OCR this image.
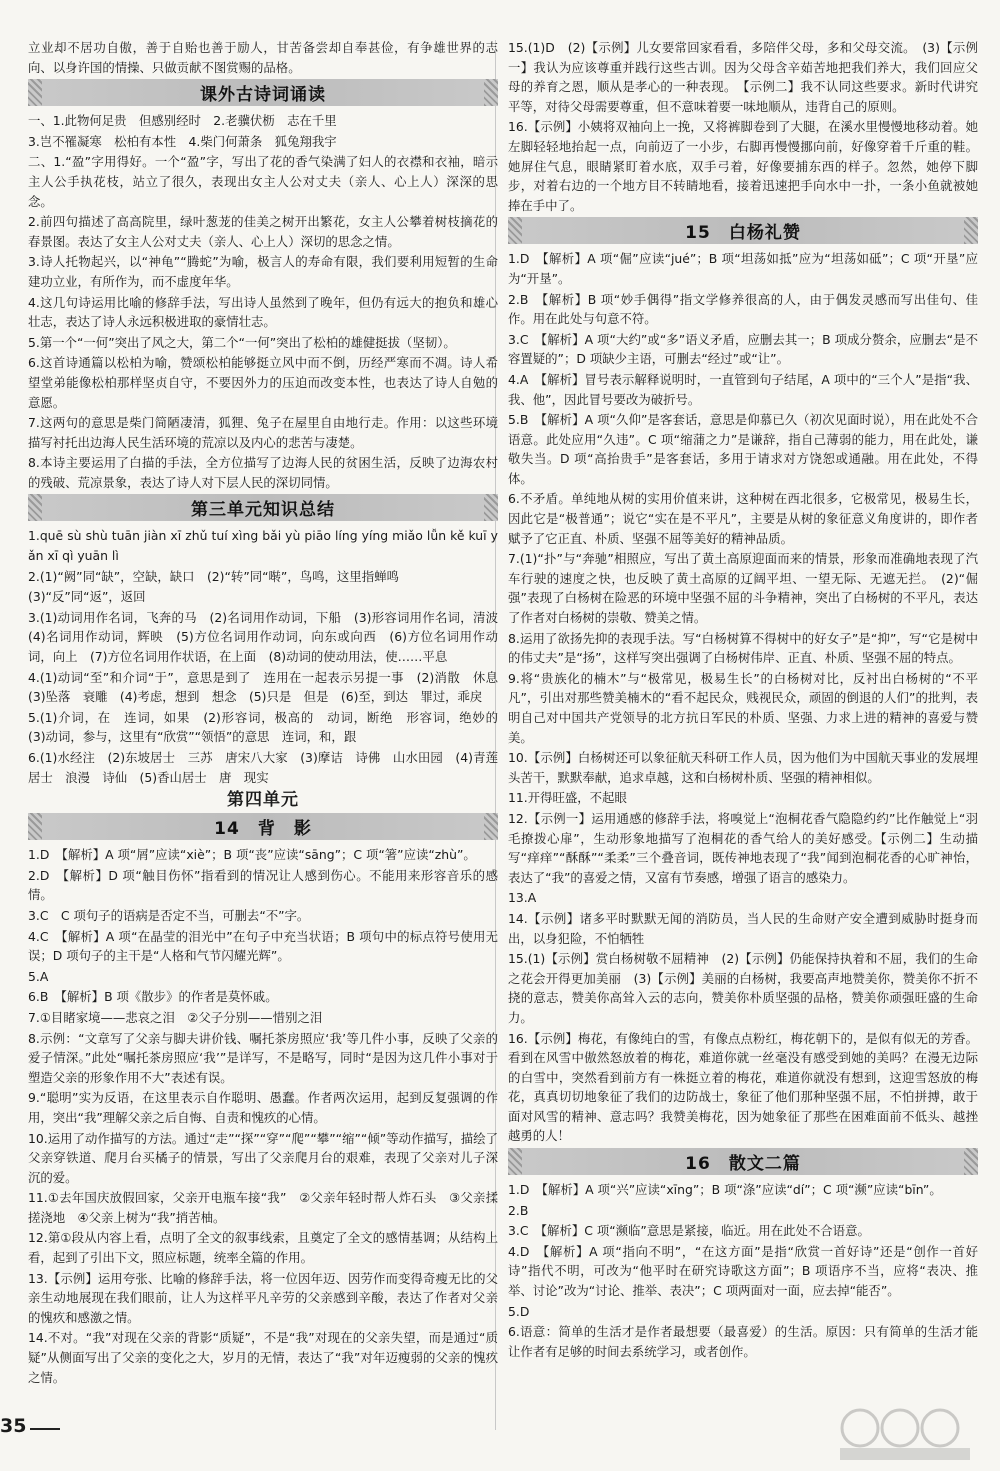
立业却不居功自傲，善于自贻也善于励人，甘苦备尝却自奉甚俭，有争雄世界的志向、以身许国的情操、只做贡献不图赏赐的品格。
课外古诗词诵读
一、1.此物何足贵　但感别经时　2.老骥伏枥　志在千里
3.岂不罹凝寒　松柏有本性　4.柴门何萧条　狐兔翔我宇
二、1.“盈”字用得好。一个“盈”字，写出了花的香气染满了妇人的衣襟和衣袖，暗示主人公手执花枝，站立了很久，表现出女主人公对丈夫（亲人、心上人）深深的思念。
2.前四句描述了高高院里，绿叶葱茏的佳美之树开出繁花，女主人公攀着树枝摘花的春景图。表达了女主人公对丈夫（亲人、心上人）深切的思念之情。
3.诗人托物起兴，以“神龟”“腾蛇”为喻，极言人的寿命有限，我们要利用短暂的生命建功立业，有所作为，而不虚度年华。
4.这几句诗运用比喻的修辞手法，写出诗人虽然到了晚年，但仍有远大的抱负和雄心壮志，表达了诗人永远积极进取的豪情壮志。
5.第一个“一何”突出了风之大，第二个“一何”突出了松柏的雄健挺拔（坚韧）。
6.这首诗通篇以松柏为喻，赞颂松柏能够挺立风中而不倒，历经严寒而不凋。诗人希望堂弟能像松柏那样坚贞自守，不要因外力的压迫而改变本性，也表达了诗人自勉的意愿。
7.这两句的意思是柴门简陋凄清，狐狸、兔子在屋里自由地行走。作用：以这些环境描写衬托出边海人民生活环境的荒凉以及内心的悲苦与凄楚。
8.本诗主要运用了白描的手法，全方位描写了边海人民的贫困生活，反映了边海农村的残破、荒凉景象，表达了诗人对下层人民的深切同情。
第三单元知识总结
1.quē sù shù tuān jiàn xī zhǔ tuí xìng bǎi yù piāo líng yíng miǎo lǚn kě kuī yǎn xī qì yuān lì
2.(1)“阙”同“缺”，空缺，缺口　(2)“转”同“啭”，鸟鸣，这里指蝉鸣
(3)“反”同“返”，返回
3.(1)动词用作名词，飞奔的马　(2)名词用作动词，下船　(3)形容词用作名词，清波　(4)名词用作动词，辉映　(5)方位名词用作动词，向东或向西　(6)方位名词用作动词，向上　(7)方位名词用作状语，在上面　(8)动词的使动用法，使……平息
4.(1)动词“至”和介词“于”，意思是到了　连用在一起表示另提一事　(2)消散　休息　(3)坠落　衰雕　(4)考虑，想到　想念　(5)只是　但是　(6)至，到达　罪过，乖戾
5.(1)介词，在　连词，如果　(2)形容词，极高的　动词，断绝　形容词，绝妙的　(3)动词，参与，这里有“欣赏”“领悟”的意思　连词，和，跟
6.(1)水经注　(2)东坡居士　三苏　唐宋八大家　(3)摩诘　诗佛　山水田园　(4)青莲居士　浪漫　诗仙　(5)香山居士　唐　现实
第四单元
14　背　影
1.D　【解析】A 项“屑”应读“xiè”；B 项“丧”应读“sāng”；C 项“箸”应读“zhù”。
2.D　【解析】D 项“触目伤怀”指看到的情况让人感到伤心。不能用来形容音乐的感情。
3.C　C 项句子的语病是否定不当，可删去“不”字。
4.C　【解析】A 项“在晶莹的泪光中”在句子中充当状语；B 项句中的标点符号使用无误；D 项句子的主干是“人格和气节闪耀光辉”。
5.A
6.B　【解析】B 项《散步》的作者是莫怀戚。
7.①目睹家境——悲哀之泪　②父子分别——惜别之泪
8.示例：“文章写了父亲与脚夫讲价钱、嘱托茶房照应‘我’等几件小事，反映了父亲的爱子情深。”此处“嘱托茶房照应‘我’”是详写，不是略写，同时“是因为这几件小事对于塑造父亲的形象作用不大”表述有误。
9.“聪明”实为反语，在这里表示自作聪明、愚蠢。作者两次运用，起到反复强调的作用，突出“我”理解父亲之后自悔、自责和愧疚的心情。
10.运用了动作描写的方法。通过“走”“探”“穿”“爬”“攀”“缩”“倾”等动作描写，描绘了父亲穿铁道、爬月台买橘子的情景，写出了父亲爬月台的艰难，表现了父亲对儿子深沉的爱。
11.①去年国庆放假回家，父亲开电瓶车接“我”　②父亲年轻时帮人炸石头　③父亲揉搓浇地　④父亲上树为“我”捎苦柚。
12.第①段从内容上看，点明了全文的叙事线索，且奠定了全文的感情基调；从结构上看，起到了引出下文，照应标题，统率全篇的作用。
13.【示例】运用夸张、比喻的修辞手法，将一位因年迈、因劳作而变得奇瘦无比的父亲生动地展现在我们眼前，让人为这样平凡辛劳的父亲感到辛酸，表达了作者对父亲的愧疚和感激之情。
14.不对。“我”对现在父亲的背影“质疑”，不是“我”对现在的父亲失望，而是通过“质疑”从侧面写出了父亲的变化之大，岁月的无情，表达了“我”对年迈瘦弱的父亲的愧疚之情。
15.(1)D　(2)【示例】儿女要常回家看看，多陪伴父母，多和父母交流。　(3)【示例一】我认为应该尊重并践行这些古训。因为父母含辛茹苦地把我们养大，我们回应父母的养育之恩，顺从是孝心的一种表现。　【示例二】我不认同这些要求。新时代讲究平等，对待父母需要尊重，但不意味着要一味地顺从，违背自己的原则。
16.【示例】小姨将双袖向上一挽，又将裤脚卷到了大腿，在溪水里慢慢地移动着。她左脚轻轻地抬起一点，向前迈了一小步，右脚再慢慢挪向前，好像穿着千斤重的鞋。她屏住气息，眼睛紧盯着水底，双手弓着，好像要捕东西的样子。忽然，她停下脚步，对着右边的一个地方目不转睛地看，接着迅速把手向水中一扑，一条小鱼就被她捧在手中了。
15　白杨礼赞
1.D　【解析】A 项“倔”应读“jué”；B 项“坦荡如抵”应为“坦荡如砥”；C 项“开垦”应为“开垦”。
2.B　【解析】B 项“妙手偶得”指文学修养很高的人，由于偶发灵感而写出佳句、佳作。用在此处与句意不符。
3.C　【解析】A 项“大约”或“多”语义矛盾，应删去其一；B 项成分赘余，应删去“是不容置疑的”；D 项缺少主语，可删去“经过”或“让”。
4.A　【解析】冒号表示解释说明时，一直管到句子结尾，A 项中的“三个人”是指“我、我、他”，因此冒号要改为破折号。
5.B　【解析】A 项“久仰”是客套话，意思是仰慕已久（初次见面时说），用在此处不合语意。此处应用“久违”。C 项“缩蒲之力”是谦辞，指自己薄弱的能力，用在此处，谦敬失当。D 项“高抬贵手”是客套话，多用于请求对方饶恕或通融。用在此处，不得体。
6.不矛盾。单纯地从树的实用价值来讲，这种树在西北很多，它极常见，极易生长，因此它是“极普通”；说它“实在是不平凡”，主要是从树的象征意义角度讲的，即作者赋予了它正直、朴质、坚强不屈等美好的精神品质。
7.(1)“扑”与“奔驰”相照应，写出了黄土高原迎面而来的情景，形象而准确地表现了汽车行驶的速度之快，也反映了黄土高原的辽阔平坦、一望无际、无遮无拦。　(2)“倔强”表现了白杨树在险恶的环境中坚强不屈的斗争精神，突出了白杨树的不平凡，表达了作者对白杨树的崇敬、赞美之情。
8.运用了欲扬先抑的表现手法。写“白杨树算不得树中的好女子”是“抑”，写“它是树中的伟丈夫”是“扬”，这样写突出强调了白杨树伟岸、正直、朴质、坚强不屈的特点。
9.将“贵族化的楠木”与“极常见，极易生长”的白杨树对比，反衬出白杨树的“不平凡”，引出对那些赞美楠木的“看不起民众，贱视民众，顽固的倒退的人们”的批判，表明自己对中国共产党领导的北方抗日军民的朴质、坚强、力求上进的精神的喜爱与赞美。
10.【示例】白杨树还可以象征航天科研工作人员，因为他们为中国航天事业的发展埋头苦干，默默奉献，追求卓越，这和白杨树朴质、坚强的精神相似。
11.开得旺盛，不起眼
12.【示例一】运用通感的修辞手法，将嗅觉上“泡桐花香气隐隐约约”比作触觉上“羽毛撩拨心扉”，生动形象地描写了泡桐花的香气给人的美好感受。【示例二】生动描写“痒痒”“酥酥”“柔柔”三个叠音词，既传神地表现了“我”闻到泡桐花香的心旷神怡，表达了“我”的喜爱之情，又富有节奏感，增强了语言的感染力。
13.A
14.【示例】诸多平时默默无闻的消防员，当人民的生命财产安全遭到威胁时挺身而出，以身犯险，不怕牺牲
15.(1)【示例】赏白杨树敬不屈精神　(2)【示例】仍能保持执着和不屈，我们的生命之花会开得更加美丽　(3)【示例】美丽的白杨树，我要高声地赞美你，赞美你不折不挠的意志，赞美你高耸入云的志向，赞美你朴质坚强的品格，赞美你顽强旺盛的生命力。
16.【示例】梅花，有像纯白的雪，有像点点粉红，梅花朝下的，是似有似无的芳香。看到在风雪中傲然怒放着的梅花，难道你就一丝毫没有感受到她的美吗？在漫无边际的白雪中，突然看到前方有一株挺立着的梅花，难道你就没有想到，这迎雪怒放的梅花，真真切切地象征了我们的边防战士，象征了他们那种坚强不屈，不怕拼搏，敢于面对风雪的精神、意志吗？我赞美梅花，因为她象征了那些在困难面前不低头、越挫越勇的人！
16　散文二篇
1.D　【解析】A 项“兴”应读“xīng”；B 项“涤”应读“dí”；C 项“濒”应读“bīn”。
2.B
3.C　【解析】C 项“濒临”意思是紧接，临近。用在此处不合语意。
4.D　【解析】A 项“指向不明”，“在这方面”是指“欣赏一首好诗”还是“创作一首好诗”指代不明，可改为“他平时在研究诗歌这方面”；B 项语序不当，应将“表决、推举、讨论”改为“讨论、推举、表决”；C 项两面对一面，应去掉“能否”。
5.D
6.语意：简单的生活才是作者最想要（最喜爱）的生活。原因：只有简单的生活才能让作者有足够的时间去系统学习，或者创作。
35
